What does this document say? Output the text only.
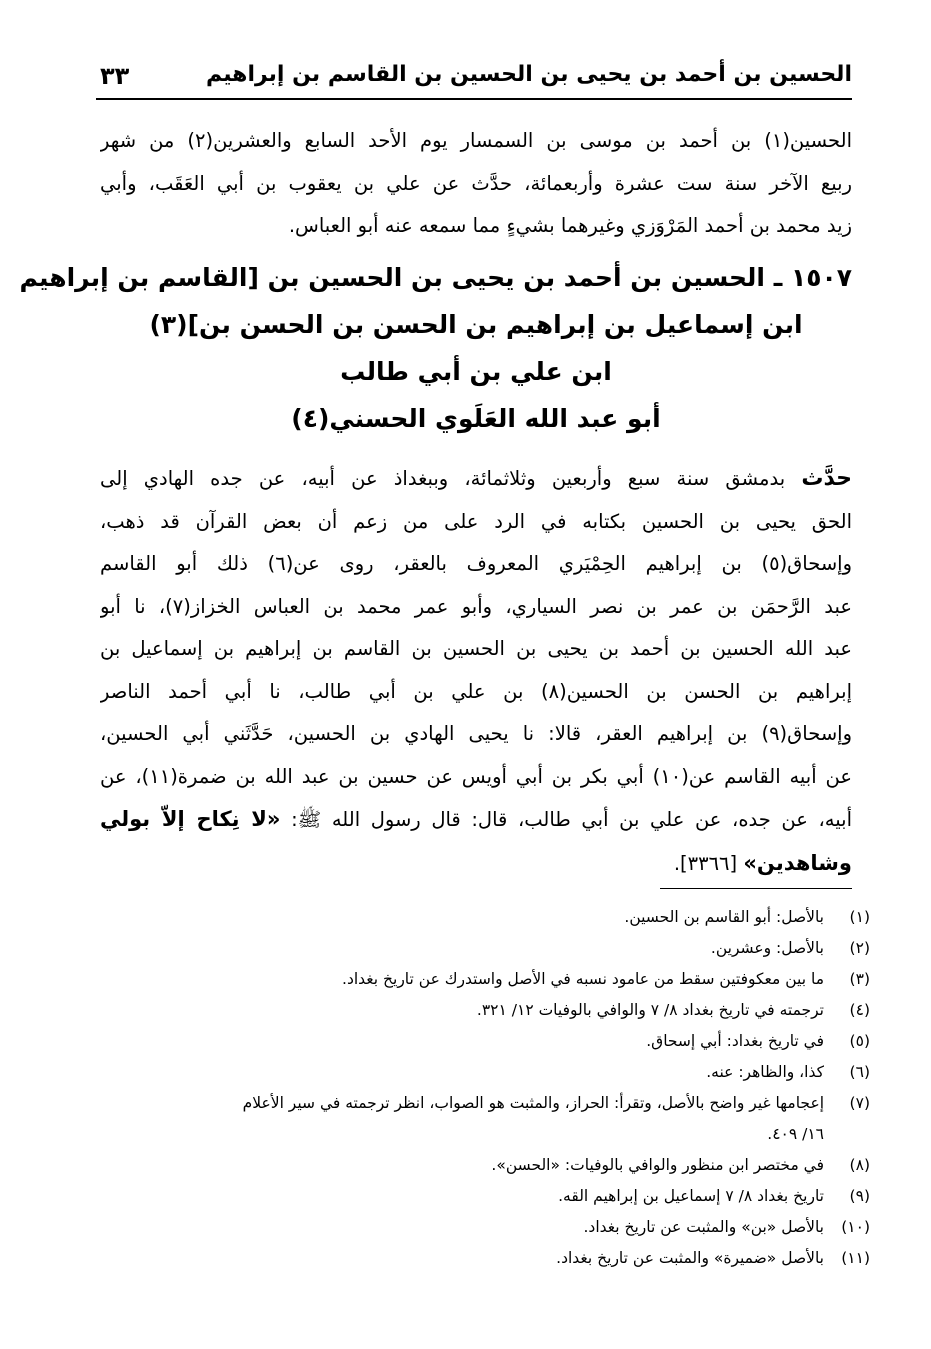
الحسين بن أحمد بن يحيى بن الحسين بن القاسم بن إبراهيم
٣٣
الحسين(١) بن أحمد بن موسى بن السمسار يوم الأحد السابع والعشرين(٢) من شهر
ربيع الآخر سنة ست عشرة وأربعمائة، حدَّث عن علي بن يعقوب بن أبي العَقَب، وأبي
زيد محمد بن أحمد المَرْوَزي وغيرهما بشيءٍ مما سمعه عنه أبو العباس.
١٥٠٧ ـ الحسين بن أحمد بن يحيى بن الحسين بن [القاسم بن إبراهيم
ابن إسماعيل بن إبراهيم بن الحسن بن الحسن بن](٣)
ابن علي بن أبي طالب
أبو عبد الله العَلَوي الحسني(٤)
حدَّث بدمشق سنة سبع وأربعين وثلاثمائة، وببغداذ عن أبيه، عن جده الهادي إلى
الحق يحيى بن الحسين بكتابه في الرد على من زعم أن بعض القرآن قد ذهب،
وإسحاق(٥) بن إبراهيم الحِمْيَري المعروف بالعقر، روى عن(٦) ذلك أبو القاسم
عبد الرَّحمَن بن عمر بن نصر السياري، وأبو عمر محمد بن العباس الخزاز(٧)، نا أبو
عبد الله الحسين بن أحمد بن يحيى بن الحسين بن القاسم بن إبراهيم بن إسماعيل بن
إبراهيم بن الحسن بن الحسين(٨) بن علي بن أبي طالب، نا أبي أحمد الناصر
وإسحاق(٩) بن إبراهيم العقر، قالا: نا يحيى الهادي بن الحسين، حَدَّثَني أبي الحسين،
عن أبيه القاسم عن(١٠) أبي بكر بن أبي أويس عن حسين بن عبد الله بن ضمرة(١١)، عن
أبيه، عن جده، عن علي بن أبي طالب، قال: قال رسول الله ﷺ: «لا نِكاح إلاّ بولي
وشاهدين» [٣٣٦٦].
(١)
بالأصل: أبو القاسم بن الحسين.
(٢)
بالأصل: وعشرين.
(٣)
ما بين معكوفتين سقط من عامود نسبه في الأصل واستدرك عن تاريخ بغداد.
(٤)
ترجمته في تاريخ بغداد ٨/ ٧ والوافي بالوفيات ١٢/ ٣٢١.
(٥)
في تاريخ بغداد: أبي إسحاق.
(٦)
كذا، والظاهر: عنه.
(٧)
إعجامها غير واضح بالأصل، وتقرأ: الحراز، والمثبت هو الصواب، انظر ترجمته في سير الأعلام
١٦/ ٤٠٩.
(٨)
في مختصر ابن منظور والوافي بالوفيات: «الحسن».
(٩)
تاريخ بغداد ٨/ ٧ إسماعيل بن إبراهيم القه.
(١٠)
بالأصل «بن» والمثبت عن تاريخ بغداد.
(١١)
بالأصل «ضميرة» والمثبت عن تاريخ بغداد.
